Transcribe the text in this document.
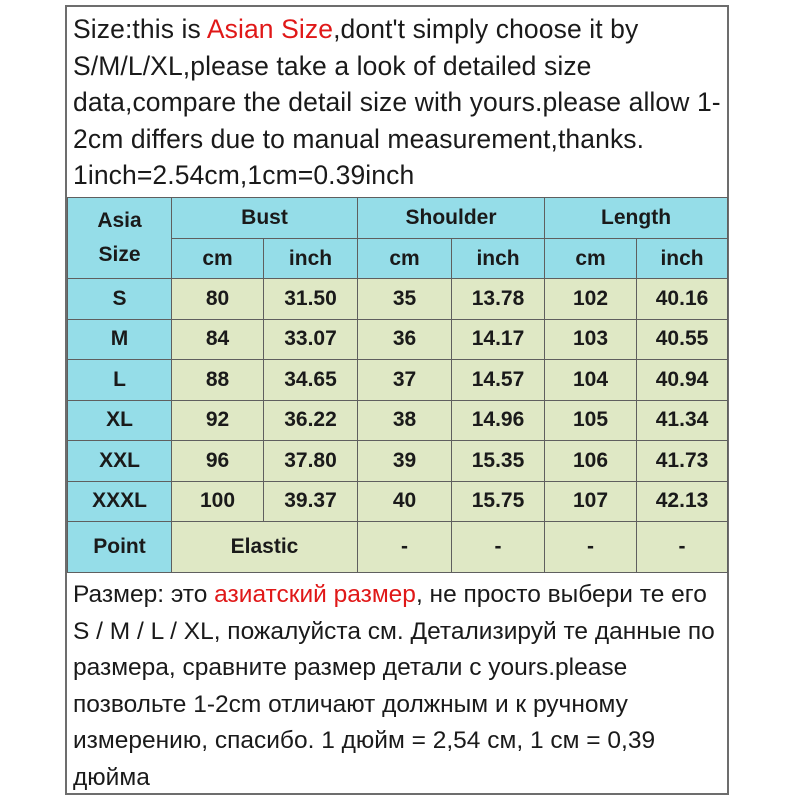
Size:this is Asian Size,dont't simply choose it by S/M/L/XL,please take a look of detailed size data,compare the detail size with yours.please allow 1-2cm differs due to manual measurement,thanks. 1inch=2.54cm,1cm=0.39inch
Asia
Size	Bust		Shoulder		Length	
	cm	inch	cm	inch	cm	inch
S	80	31.50	35	13.78	102	40.16
M	84	33.07	36	14.17	103	40.55
L	88	34.65	37	14.57	104	40.94
XL	92	36.22	38	14.96	105	41.34
XXL	96	37.80	39	15.35	106	41.73
XXXL	100	39.37	40	15.75	107	42.13
Point	Elastic		-	-	-	-
Размер: это азиатский размер, не просто выбери те его S / M / L / XL, пожалуйста см. Детализируй те данные по размера, сравните размер детали с yours.please позвольте 1-2cm отличают должным и к ручному измерению, спасибо. 1 дюйм = 2,54 см, 1 см = 0,39 дюйма
